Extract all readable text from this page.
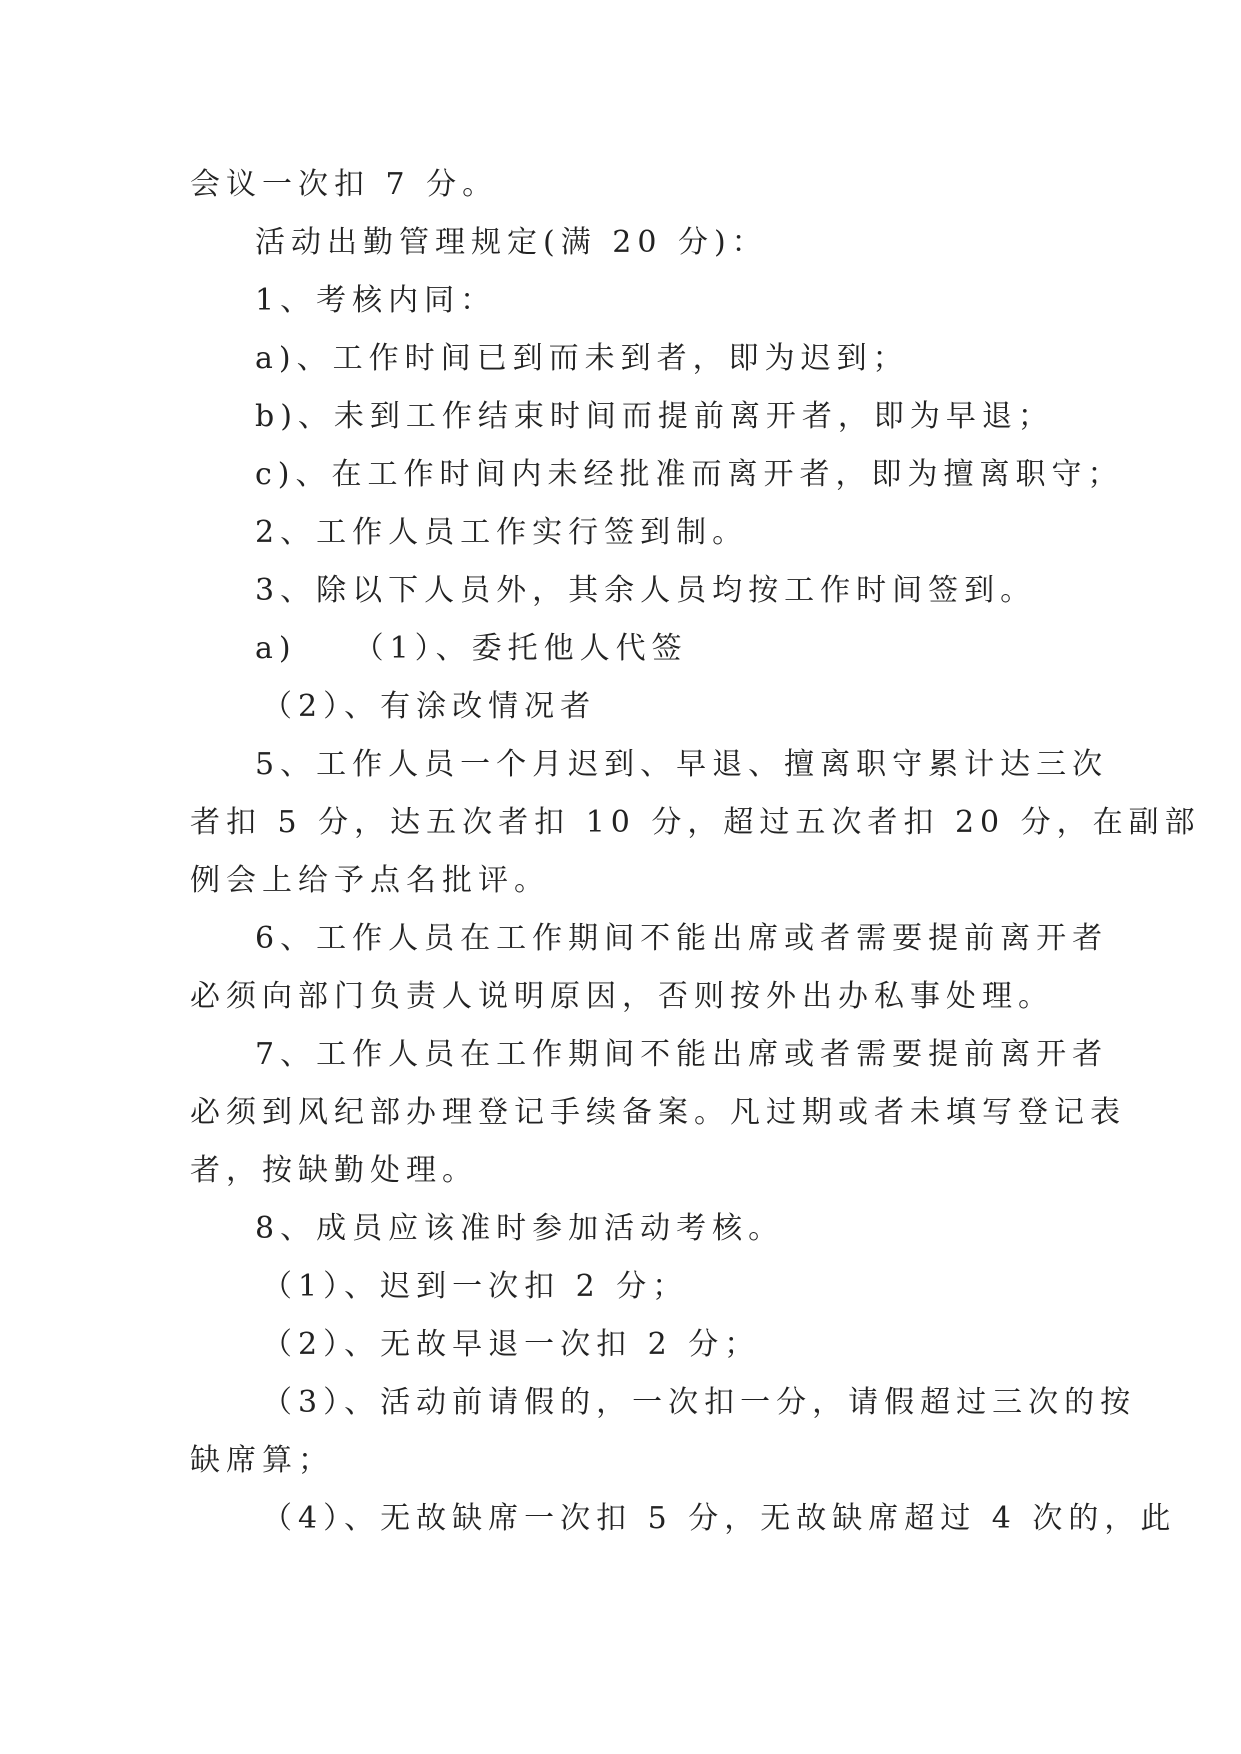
会议一次扣 7 分。
活动出勤管理规定(满 20 分)：
1、考核内同：
a)、工作时间已到而未到者，即为迟到；
b)、未到工作结束时间而提前离开者，即为早退；
c)、在工作时间内未经批准而离开者，即为擅离职守；
2、工作人员工作实行签到制。
3、除以下人员外，其余人员均按工作时间签到。
a)　　（1）、委托他人代签
（2）、有涂改情况者
5、工作人员一个月迟到、早退、擅离职守累计达三次
者扣 5 分，达五次者扣 10 分，超过五次者扣 20 分，在副部
例会上给予点名批评。
6、工作人员在工作期间不能出席或者需要提前离开者
必须向部门负责人说明原因，否则按外出办私事处理。
7、工作人员在工作期间不能出席或者需要提前离开者
必须到风纪部办理登记手续备案。凡过期或者未填写登记表
者，按缺勤处理。
8、成员应该准时参加活动考核。
（1）、迟到一次扣 2 分；
（2）、无故早退一次扣 2 分；
（3）、活动前请假的，一次扣一分，请假超过三次的按
缺席算；
（4）、无故缺席一次扣 5 分，无故缺席超过 4 次的，此
